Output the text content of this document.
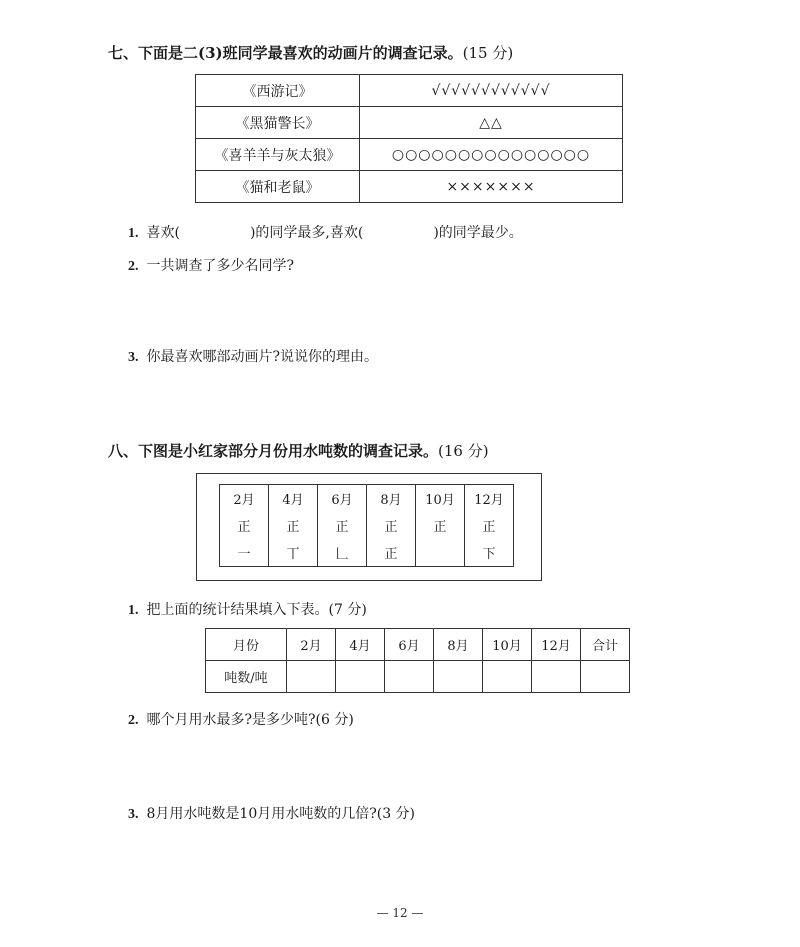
七、下面是二(3)班同学最喜欢的动画片的调查记录。(15 分)
《西游记》	√√√√√√√√√√√√
《黑猫警长》	△△
《喜羊羊与灰太狼》	○○○○○○○○○○○○○○○
《猫和老鼠》	×××××××
1. 喜欢(	)的同学最多,喜欢(	)的同学最少。
2. 一共调查了多少名同学?
3. 你最喜欢哪部动画片?说说你的理由。
八、下图是小红家部分月份用水吨数的调查记录。(16 分)
2月	4月	6月	8月	10月	12月
正	正	正	正	正	正
一	丅	𠃊	正		下
1. 把上面的统计结果填入下表。(7 分)
月份	2月	4月	6月	8月	10月	12月	合计
吨数/吨							
2. 哪个月用水最多?是多少吨?(6 分)
3. 8月用水吨数是10月用水吨数的几倍?(3 分)
— 12 —
